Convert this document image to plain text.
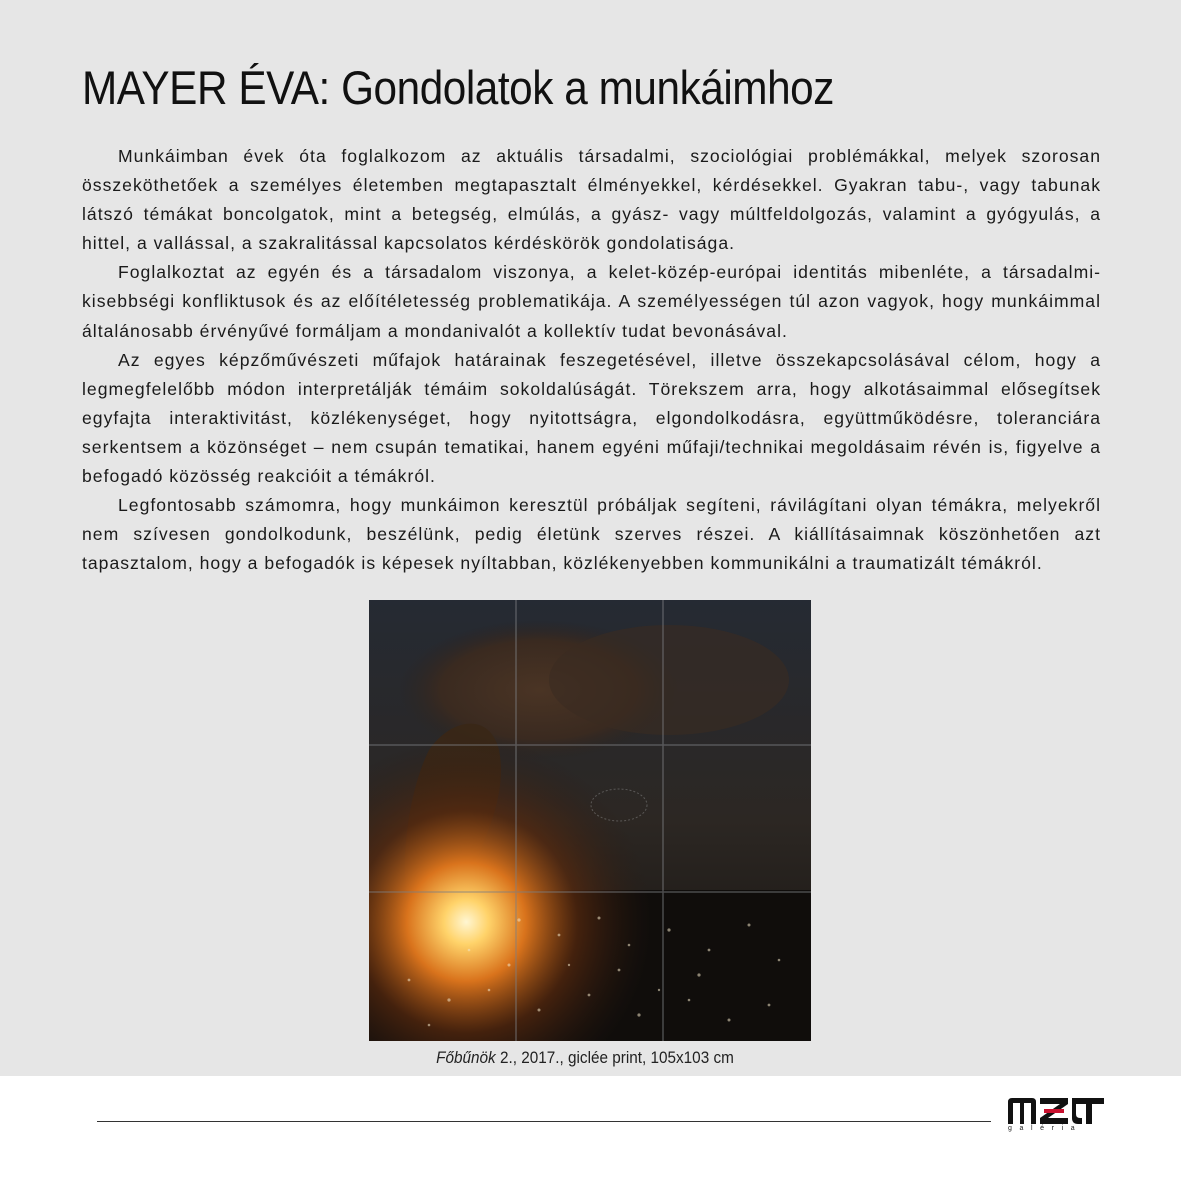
MAYER ÉVA: Gondolatok a munkáimhoz

Munkáimban évek óta foglalkozom az aktuális társadalmi, szociológiai problémákkal, melyek szorosan összeköthetőek a személyes életemben megtapasztalt élményekkel, kérdésekkel. Gyakran tabu-, vagy tabunak látszó témákat boncolgatok, mint a betegség, elmúlás, a gyász- vagy múltfeldolgozás, valamint a gyógyulás, a hittel, a vallással, a szakralitással kapcsolatos kérdéskörök gondolatisága.

Foglalkoztat az egyén és a társadalom viszonya, a kelet-közép-európai identitás mibenléte, a társadalmi-kisebbségi konfliktusok és az előítéletesség problematikája. A személyességen túl azon vagyok, hogy munkáimmal általánosabb érvényűvé formáljam a mondanivalót a kollektív tudat bevonásával.

Az egyes képzőművészeti műfajok határainak feszegetésével, illetve összekapcsolásával célom, hogy a legmegfelelőbb módon interpretálják témáim sokoldalúságát. Törekszem arra, hogy alkotásaimmal elősegítsek egyfajta interaktivitást, közlékenységet, hogy nyitottságra, elgondolkodásra, együttműködésre, toleranciára serkentsem a közönséget – nem csupán tematikai, hanem egyéni műfaji/technikai megoldásaim révén is, figyelve a befogadó közösség reakcióit a témákról.

Legfontosabb számomra, hogy munkáimon keresztül próbáljak segíteni, rávilágítani olyan témákra, melyekről nem szívesen gondolkodunk, beszélünk, pedig életünk szerves részei. A kiállításaimnak köszönhetően azt tapasztalom, hogy a befogadók is képesek nyíltabban, közlékenyebben kommunikálni a traumatizált témákról.

Főbűnök 2., 2017., giclée print, 105x103 cm
galéria
